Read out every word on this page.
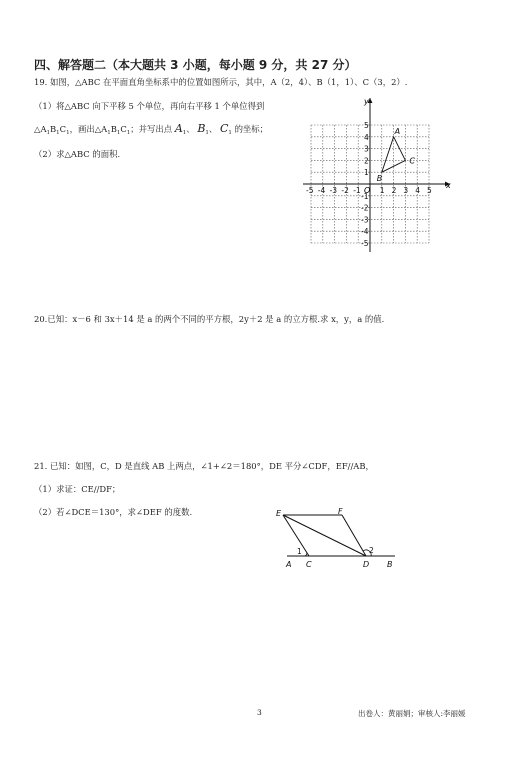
四、解答题二（本大题共 3 小题，每小题 9 分，共 27 分）
19. 如图，△ABC 在平面直角坐标系中的位置如图所示，其中，A（2，4）、B（1，1）、C（3，2）.
（1）将△ABC 向下平移 5 个单位，再向右平移 1 个单位得到
$\triangle A_1B_1C_1$，画出$\triangle A_1B_1C_1$；并写出点 $A_1$、 $B_1$、 $C_1$ 的坐标；
（2）求△ABC 的面积.
-5 -4 -3 -2 -1	1 2 3 4 5
5
4
3
2
1
-1
-2
-3
-4
-5
O
x
y
A
B
C
20.已知：x－6 和 3x＋14 是 a 的两个不同的平方根，2y＋2 是 a 的立方根.求 x，y，a 的值.
21. 已知：如图，C，D 是直线 AB 上两点，∠1+∠2＝180°，DE 平分∠CDF，EF//AB，
（1）求证：CE//DF；
（2）若∠DCE＝130°，求∠DEF 的度数.	E	F
A C	D B
1	2
3	出卷人：黄丽娟；审核人:李丽媛
